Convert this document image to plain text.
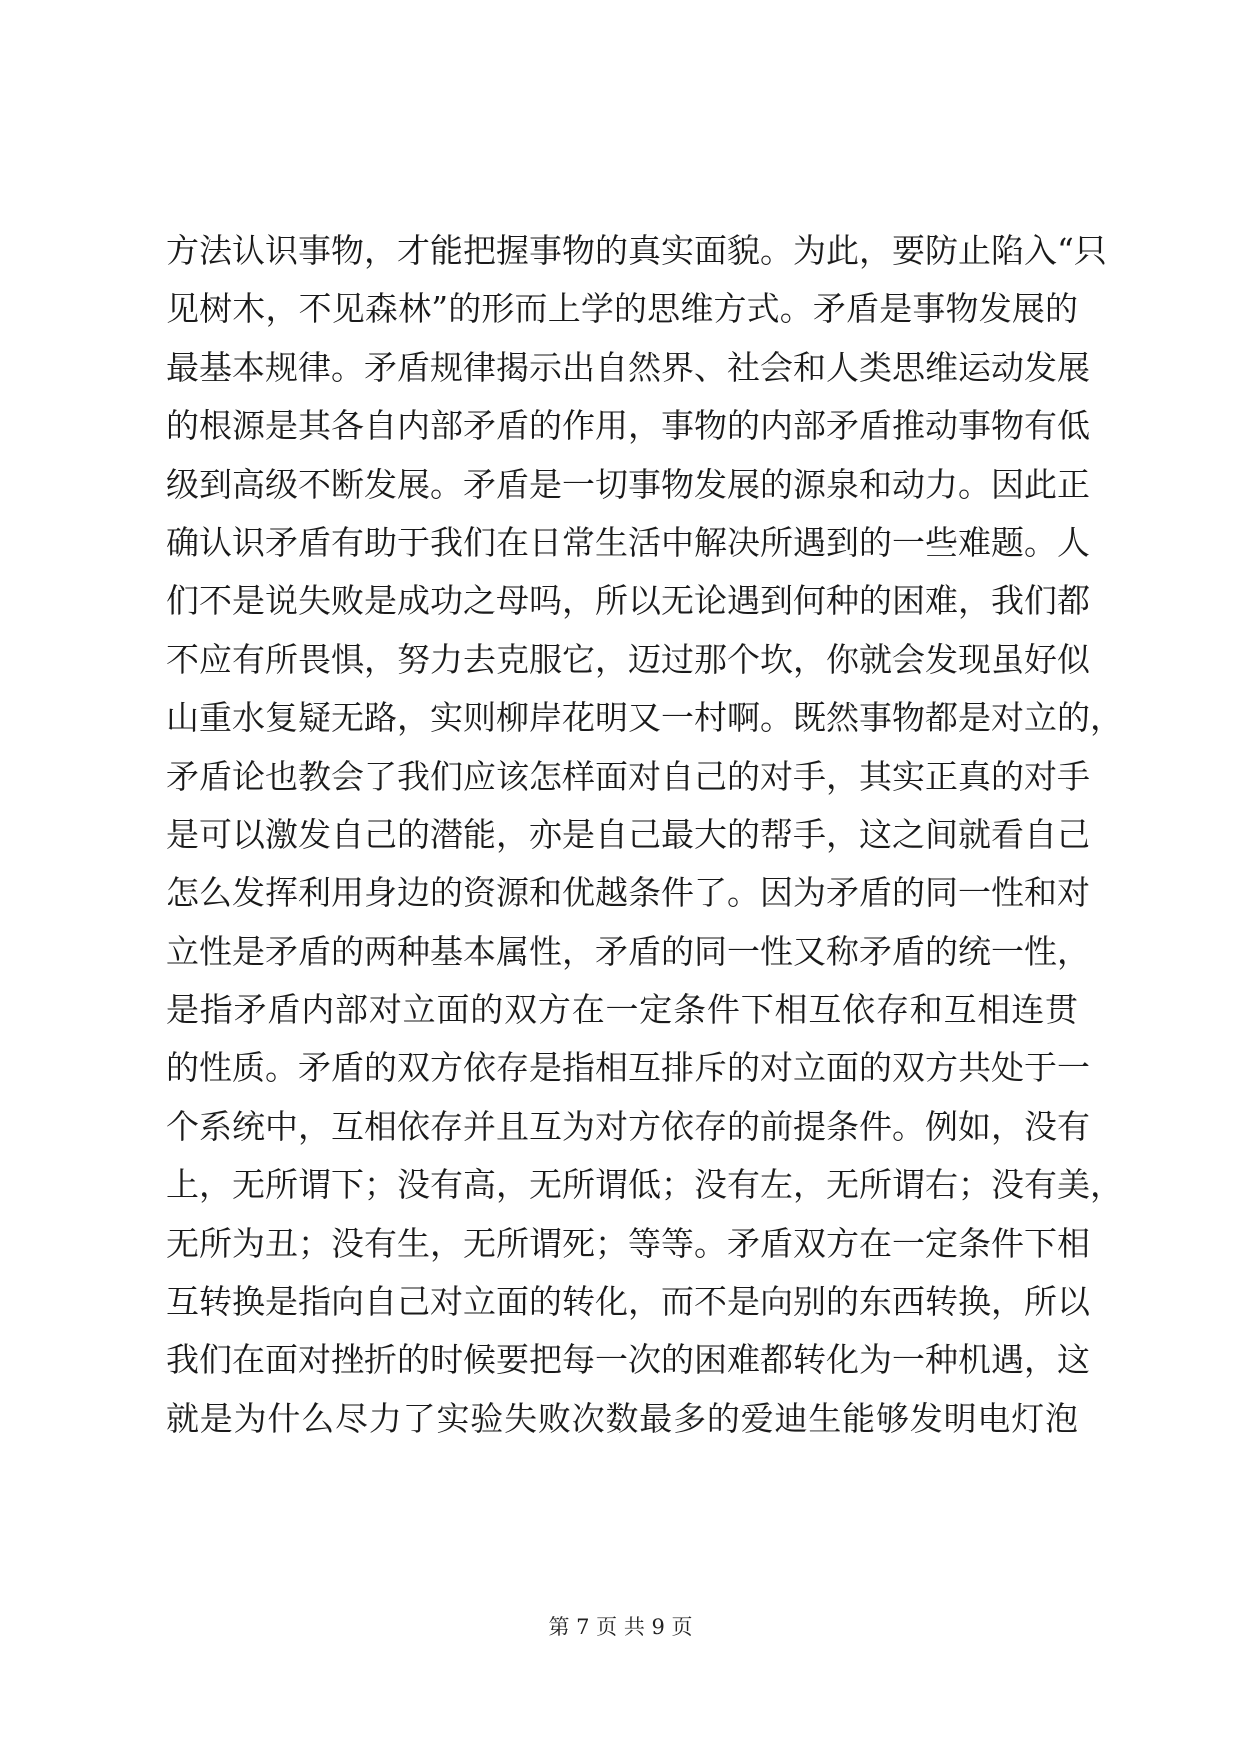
方法认识事物，才能把握事物的真实面貌。为此，要防止陷入“只
见树木，不见森林”的形而上学的思维方式。矛盾是事物发展的
最基本规律。矛盾规律揭示出自然界、社会和人类思维运动发展
的根源是其各自内部矛盾的作用，事物的内部矛盾推动事物有低
级到高级不断发展。矛盾是一切事物发展的源泉和动力。因此正
确认识矛盾有助于我们在日常生活中解决所遇到的一些难题。人
们不是说失败是成功之母吗，所以无论遇到何种的困难，我们都
不应有所畏惧，努力去克服它，迈过那个坎，你就会发现虽好似
山重水复疑无路，实则柳岸花明又一村啊。既然事物都是对立的，
矛盾论也教会了我们应该怎样面对自己的对手，其实正真的对手
是可以激发自己的潜能，亦是自己最大的帮手，这之间就看自己
怎么发挥利用身边的资源和优越条件了。因为矛盾的同一性和对
立性是矛盾的两种基本属性，矛盾的同一性又称矛盾的统一性，
是指矛盾内部对立面的双方在一定条件下相互依存和互相连贯
的性质。矛盾的双方依存是指相互排斥的对立面的双方共处于一
个系统中，互相依存并且互为对方依存的前提条件。例如，没有
上，无所谓下；没有高，无所谓低；没有左，无所谓右；没有美，
无所为丑；没有生，无所谓死；等等。矛盾双方在一定条件下相
互转换是指向自己对立面的转化，而不是向别的东西转换，所以
我们在面对挫折的时候要把每一次的困难都转化为一种机遇，这
就是为什么尽力了实验失败次数最多的爱迪生能够发明电灯泡
第 7 页 共 9 页
